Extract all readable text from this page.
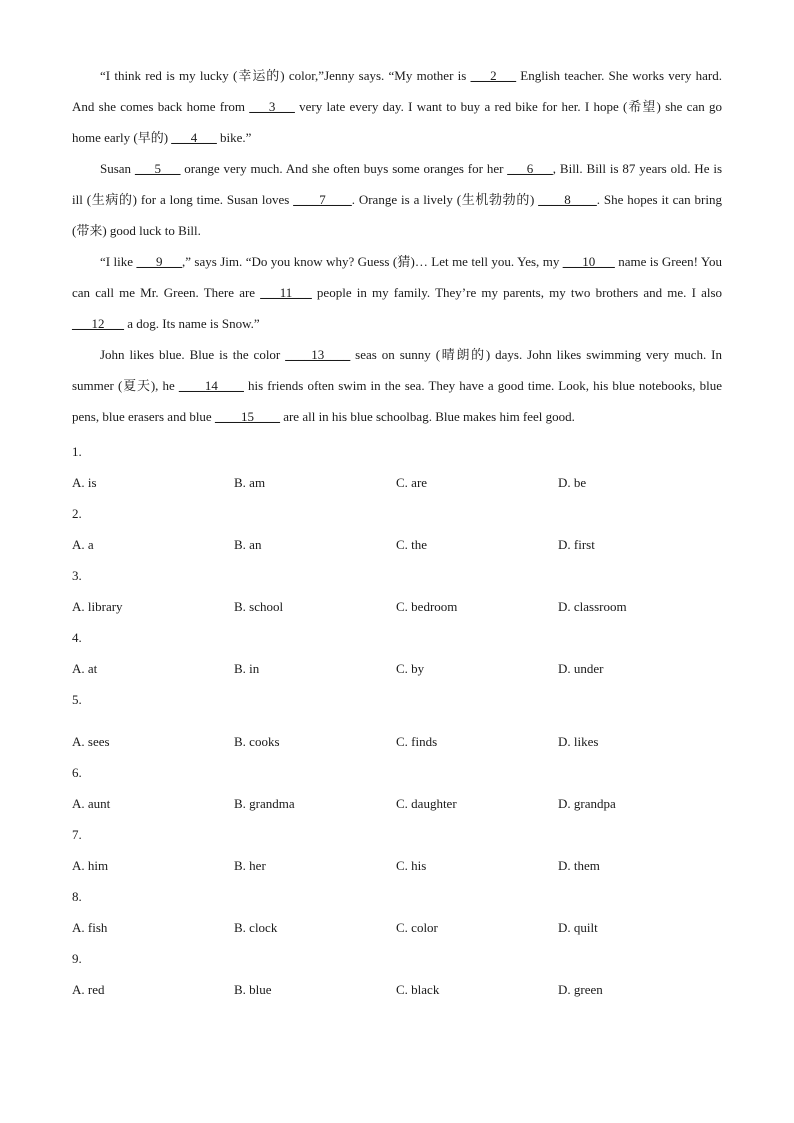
“I think red is my lucky (幸运的) color,”Jenny says. “My mother is ___2___ English teacher. She works very hard. And she comes back home from ___3___ very late every day. I want to buy a red bike for her. I hope (希望) she can go home early (早的) ___4___ bike.”

Susan ___5___ orange very much. And she often buys some oranges for her ___6___, Bill. Bill is 87 years old. He is ill (生病的) for a long time. Susan loves ____7____. Orange is a lively (生机勃勃的) ____8____. She hopes it can bring (带来) good luck to Bill.

“I like ___9___,” says Jim. “Do you know why? Guess (猜)… Let me tell you. Yes, my ___10___ name is Green! You can call me Mr. Green. There are ___11___ people in my family. They’re my parents, my two brothers and me. I also ___12___ a dog. Its name is Snow.”

John likes blue. Blue is the color ____13____ seas on sunny (晴朗的) days. John likes swimming very much. In summer (夏天), he ____14____ his friends often swim in the sea. They have a good time. Look, his blue notebooks, blue pens, blue erasers and blue ____15____ are all in his blue schoolbag. Blue makes him feel good.

1.
A. is	B. am	C. are	D. be
2.
A. a	B. an	C. the	D. first
3.
A. library	B. school	C. bedroom	D. classroom
4.
A. at	B. in	C. by	D. under
5.
A. sees	B. cooks	C. finds	D. likes
6.
A. aunt	B. grandma	C. daughter	D. grandpa
7.
A. him	B. her	C. his	D. them
8.
A. fish	B. clock	C. color	D. quilt
9.
A. red	B. blue	C. black	D. green
